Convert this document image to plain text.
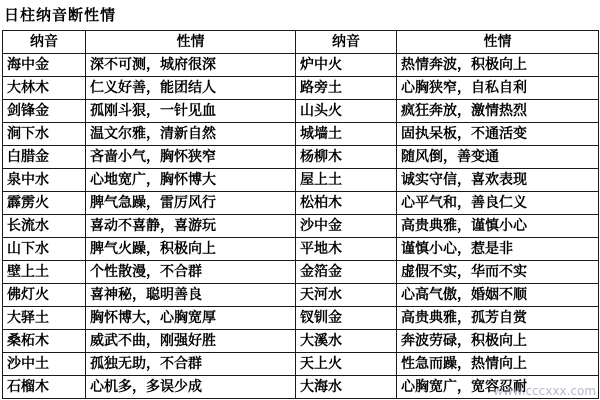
日柱纳音断性情
纳音	性情	纳音	性情
海中金	深不可测，城府很深	炉中火	热情奔波，积极向上
大林木	仁义好善，能团结人	路旁土	心胸狭窄，自私自利
剑锋金	孤刚斗狠，一针见血	山头火	疯狂奔放，激情热烈
涧下水	温文尔雅，清新自然	城墙土	固执呆板，不通活变
白腊金	吝啬小气，胸怀狭窄	杨柳木	随风倒，善变通
泉中水	心地宽广，胸怀博大	屋上土	诚实守信，喜欢表现
霹雳火	脾气急躁，雷厉风行	松柏木	心平气和，善良仁义
长流水	喜动不喜静，喜游玩	沙中金	高贵典雅，谨慎小心
山下水	脾气火躁，积极向上	平地木	谨慎小心，惹是非
壁上土	个性散漫，不合群	金箔金	虚假不实，华而不实
佛灯火	喜神秘，聪明善良	天河水	心高气傲，婚姻不顺
大驿土	胸怀博大，心胸宽厚	钗钏金	高贵典雅，孤芳自赏
桑柘木	威武不曲，刚强好胜	大溪水	奔波劳碌，积极向上
沙中土	孤独无助，不合群	天上火	性急而躁，热情向上
石榴木	心机多，多误少成	大海水	心胸宽广，宽容忍耐
www.cccxxx.com
